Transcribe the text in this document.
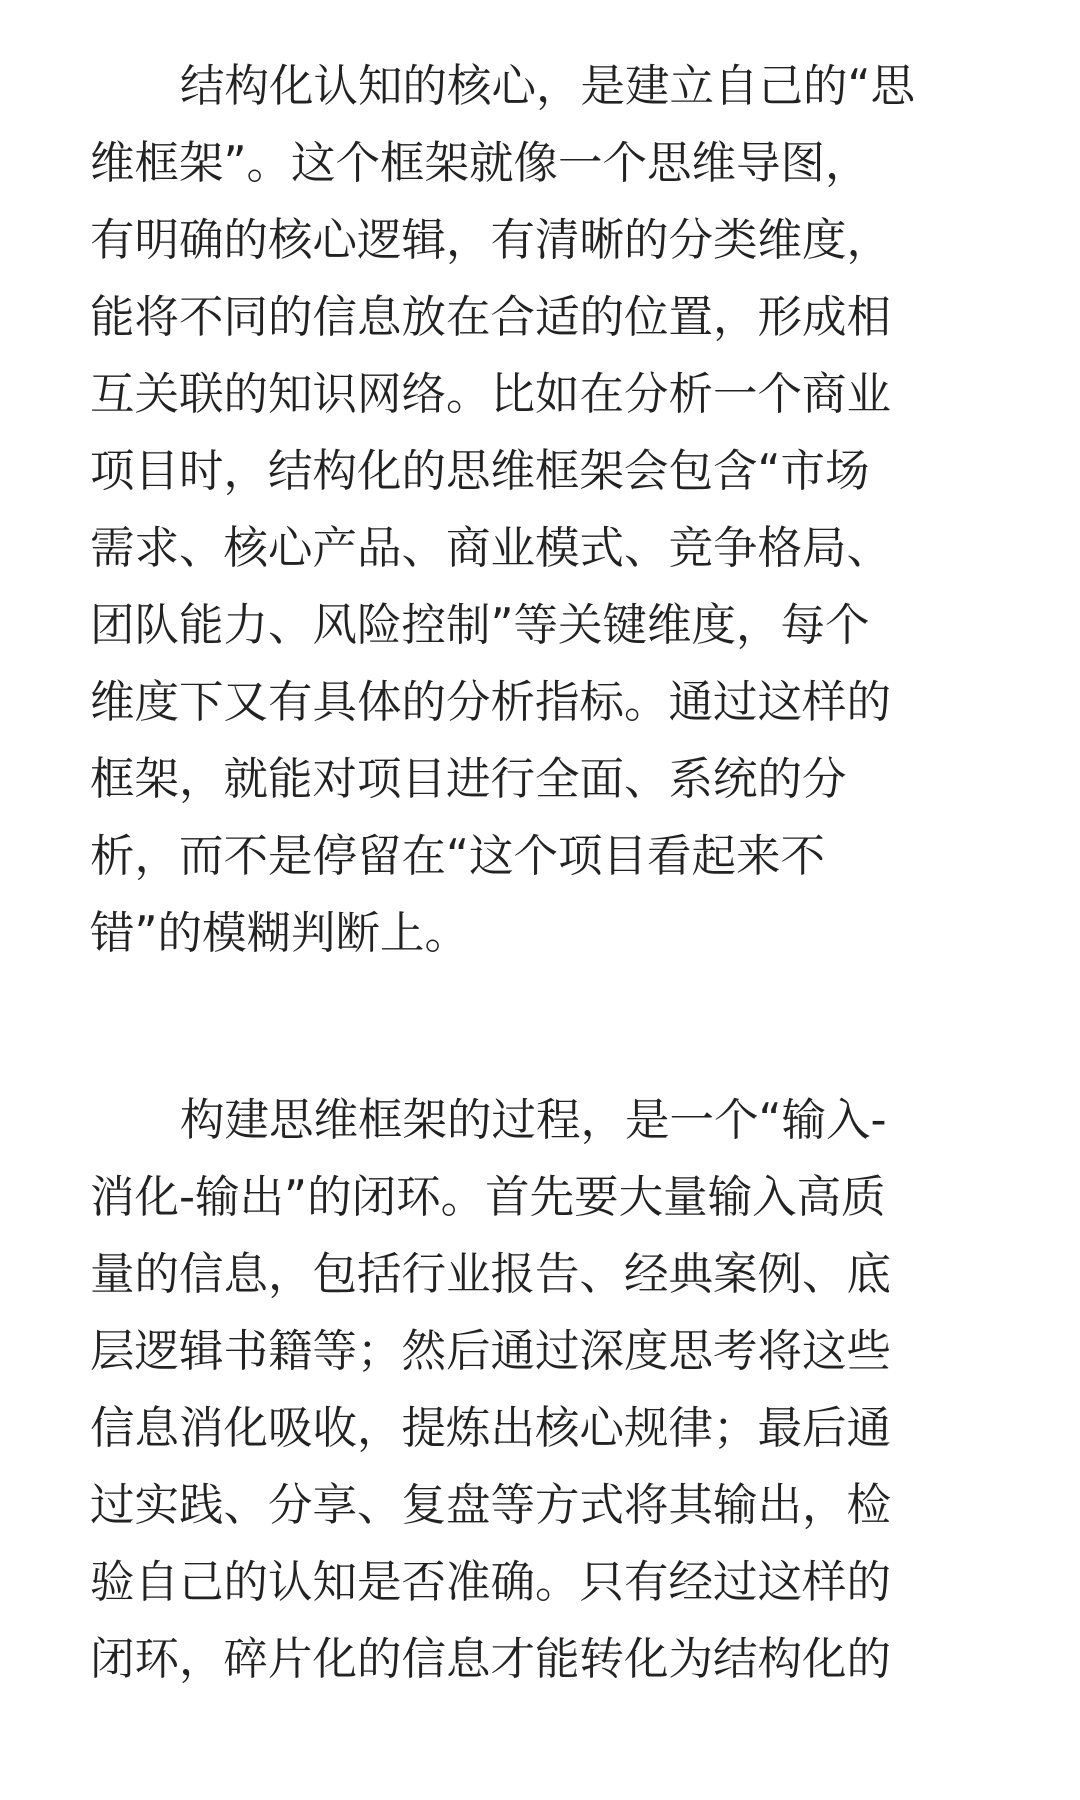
结构化认知的核心，是建立自己的“思
维框架”。这个框架就像一个思维导图，
有明确的核心逻辑，有清晰的分类维度，
能将不同的信息放在合适的位置，形成相
互关联的知识网络。比如在分析一个商业
项目时，结构化的思维框架会包含“市场
需求、核心产品、商业模式、竞争格局、
团队能力、风险控制”等关键维度，每个
维度下又有具体的分析指标。通过这样的
框架，就能对项目进行全面、系统的分
析，而不是停留在“这个项目看起来不
错”的模糊判断上。
构建思维框架的过程，是一个“输入-
消化-输出”的闭环。首先要大量输入高质
量的信息，包括行业报告、经典案例、底
层逻辑书籍等；然后通过深度思考将这些
信息消化吸收，提炼出核心规律；最后通
过实践、分享、复盘等方式将其输出，检
验自己的认知是否准确。只有经过这样的
闭环，碎片化的信息才能转化为结构化的
